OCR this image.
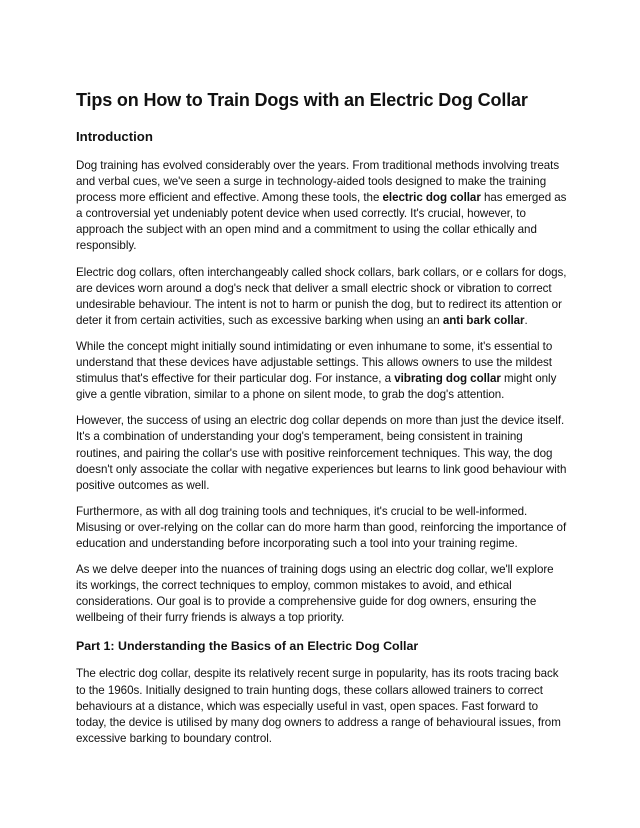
Tips on How to Train Dogs with an Electric Dog Collar
Introduction

Dog training has evolved considerably over the years. From traditional methods involving treats and verbal cues, we've seen a surge in technology-aided tools designed to make the training process more efficient and effective. Among these tools, the electric dog collar has emerged as a controversial yet undeniably potent device when used correctly. It's crucial, however, to approach the subject with an open mind and a commitment to using the collar ethically and responsibly.

Electric dog collars, often interchangeably called shock collars, bark collars, or e collars for dogs, are devices worn around a dog's neck that deliver a small electric shock or vibration to correct undesirable behaviour. The intent is not to harm or punish the dog, but to redirect its attention or deter it from certain activities, such as excessive barking when using an anti bark collar.

While the concept might initially sound intimidating or even inhumane to some, it's essential to understand that these devices have adjustable settings. This allows owners to use the mildest stimulus that's effective for their particular dog. For instance, a vibrating dog collar might only give a gentle vibration, similar to a phone on silent mode, to grab the dog's attention.

However, the success of using an electric dog collar depends on more than just the device itself. It's a combination of understanding your dog's temperament, being consistent in training routines, and pairing the collar's use with positive reinforcement techniques. This way, the dog doesn't only associate the collar with negative experiences but learns to link good behaviour with positive outcomes as well.

Furthermore, as with all dog training tools and techniques, it's crucial to be well-informed. Misusing or over-relying on the collar can do more harm than good, reinforcing the importance of education and understanding before incorporating such a tool into your training regime.

As we delve deeper into the nuances of training dogs using an electric dog collar, we'll explore its workings, the correct techniques to employ, common mistakes to avoid, and ethical considerations. Our goal is to provide a comprehensive guide for dog owners, ensuring the wellbeing of their furry friends is always a top priority.

Part 1: Understanding the Basics of an Electric Dog Collar

The electric dog collar, despite its relatively recent surge in popularity, has its roots tracing back to the 1960s. Initially designed to train hunting dogs, these collars allowed trainers to correct behaviours at a distance, which was especially useful in vast, open spaces. Fast forward to today, the device is utilised by many dog owners to address a range of behavioural issues, from excessive barking to boundary control.
